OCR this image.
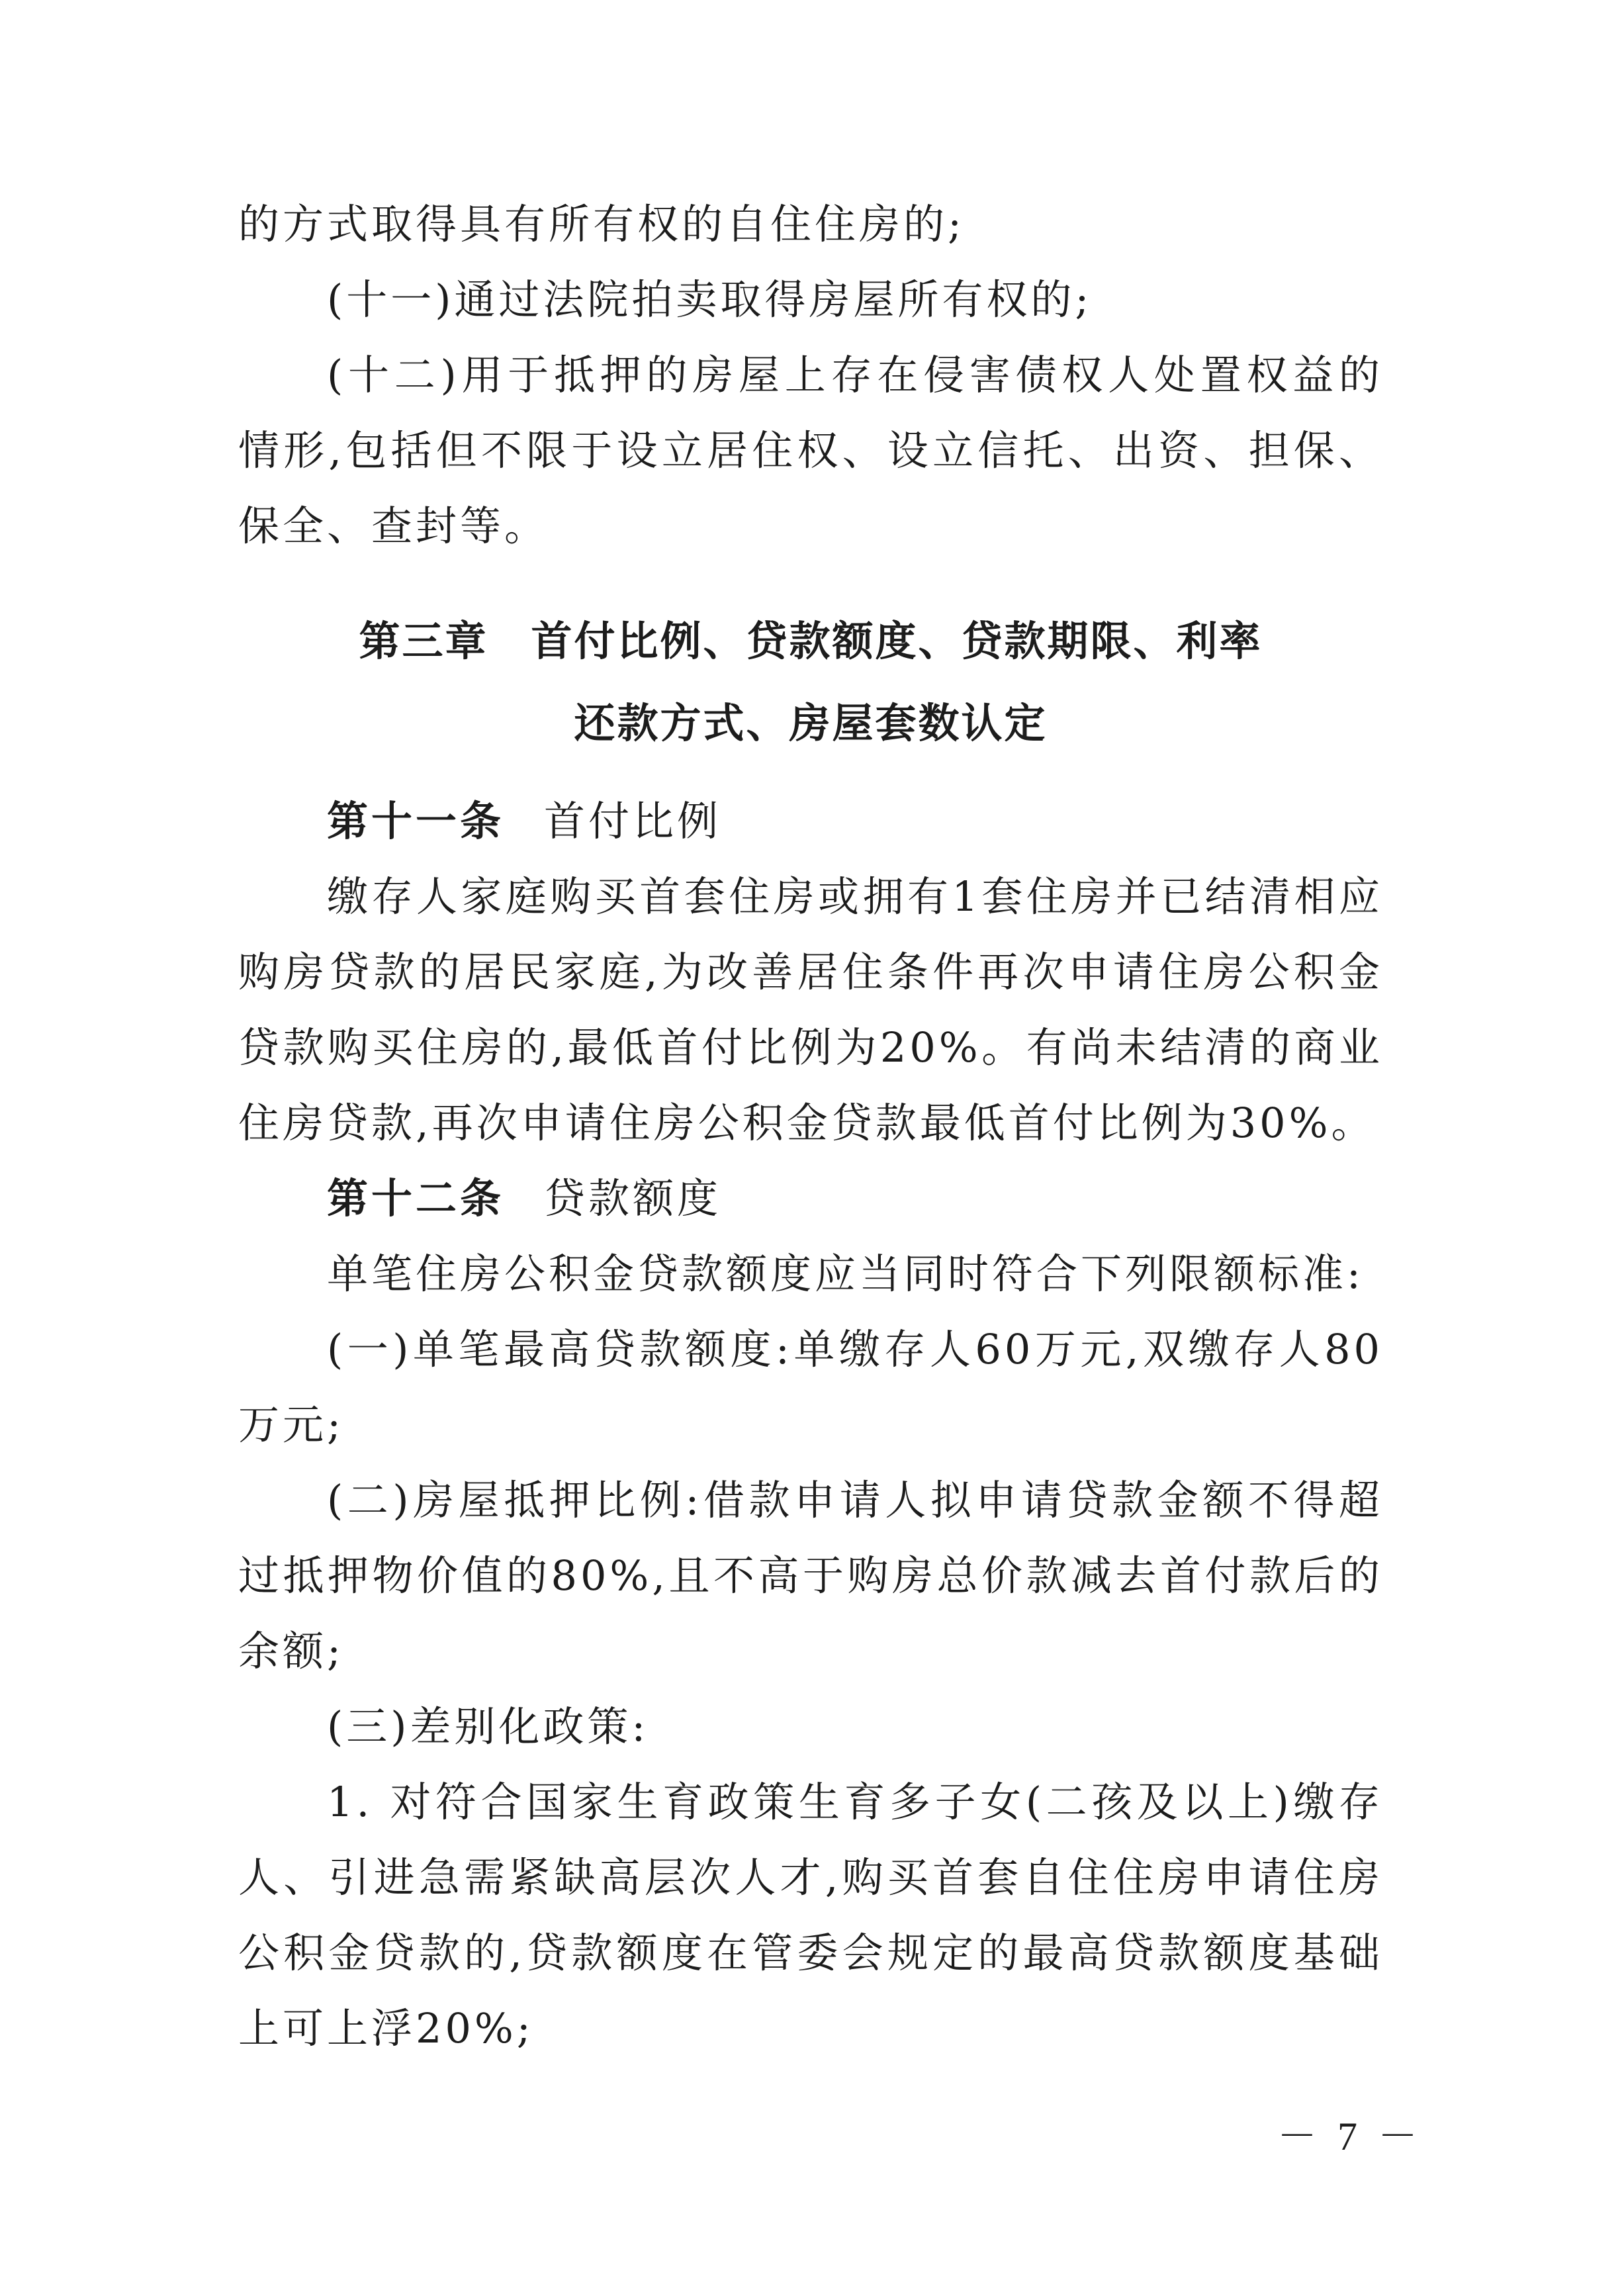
的方式取得具有所有权的自住住房的;

(十一)通过法院拍卖取得房屋所有权的;

(十二)用于抵押的房屋上存在侵害债权人处置权益的情形,包括但不限于设立居住权、设立信托、出资、担保、保全、查封等。

第三章　首付比例、贷款额度、贷款期限、利率
还款方式、房屋套数认定

第十一条 首付比例

缴存人家庭购买首套住房或拥有1套住房并已结清相应购房贷款的居民家庭,为改善居住条件再次申请住房公积金贷款购买住房的,最低首付比例为20%。有尚未结清的商业住房贷款,再次申请住房公积金贷款最低首付比例为30%。

第十二条 贷款额度

单笔住房公积金贷款额度应当同时符合下列限额标准:

(一)单笔最高贷款额度:单缴存人60万元,双缴存人80万元;

(二)房屋抵押比例:借款申请人拟申请贷款金额不得超过抵押物价值的80%,且不高于购房总价款减去首付款后的余额;

(三)差别化政策:

1. 对符合国家生育政策生育多子女(二孩及以上)缴存人、引进急需紧缺高层次人才,购买首套自住住房申请住房公积金贷款的,贷款额度在管委会规定的最高贷款额度基础上可上浮20%;

－ 7 －
